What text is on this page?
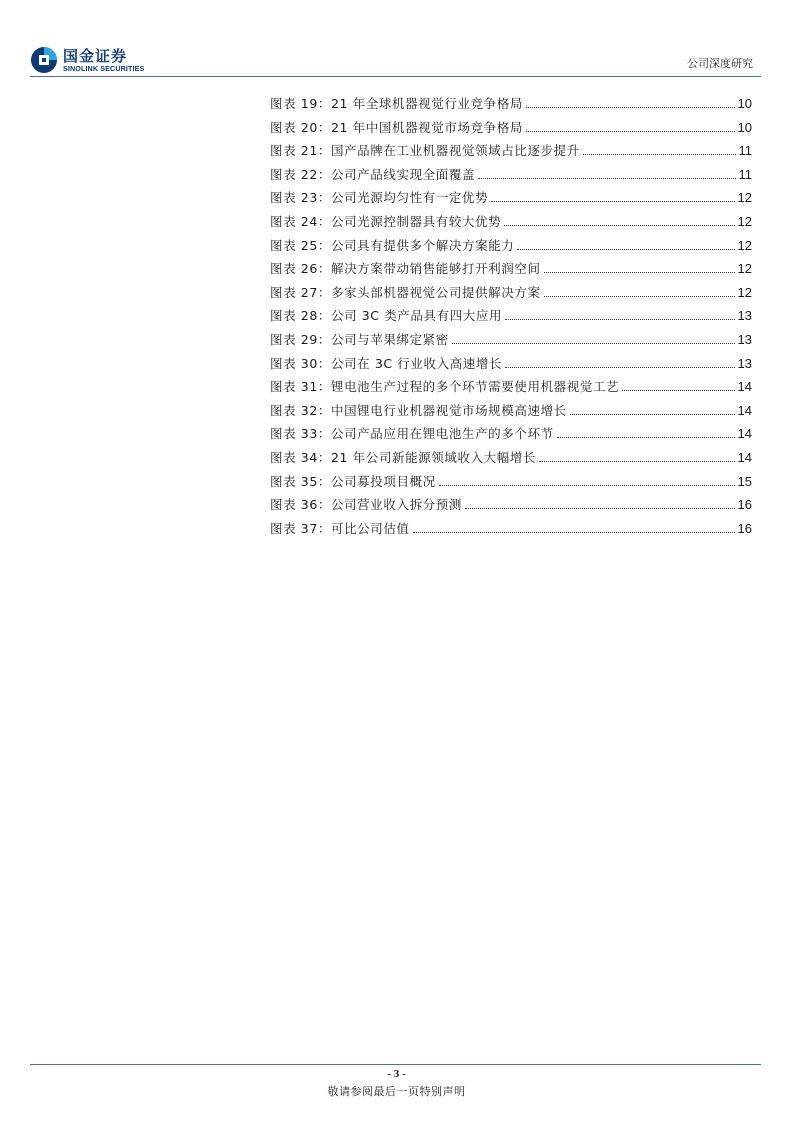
国金证券
SINOLINK SECURITIES	公司深度研究
图表 19： 21 年全球机器视觉行业竞争格局	10
图表 20： 21 年中国机器视觉市场竞争格局	10
图表 21： 国产品牌在工业机器视觉领域占比逐步提升	11
图表 22： 公司产品线实现全面覆盖	11
图表 23： 公司光源均匀性有一定优势	12
图表 24： 公司光源控制器具有较大优势	12
图表 25： 公司具有提供多个解决方案能力	12
图表 26： 解决方案带动销售能够打开利润空间	12
图表 27： 多家头部机器视觉公司提供解决方案	12
图表 28： 公司 3C 类产品具有四大应用	13
图表 29： 公司与苹果绑定紧密	13
图表 30： 公司在 3C 行业收入高速增长	13
图表 31： 锂电池生产过程的多个环节需要使用机器视觉工艺	14
图表 32： 中国锂电行业机器视觉市场规模高速增长	14
图表 33： 公司产品应用在锂电池生产的多个环节	14
图表 34： 21 年公司新能源领域收入大幅增长	14
图表 35： 公司募投项目概况	15
图表 36： 公司营业收入拆分预测	16
图表 37： 可比公司估值	16
- 3 -
敬请参阅最后一页特别声明
